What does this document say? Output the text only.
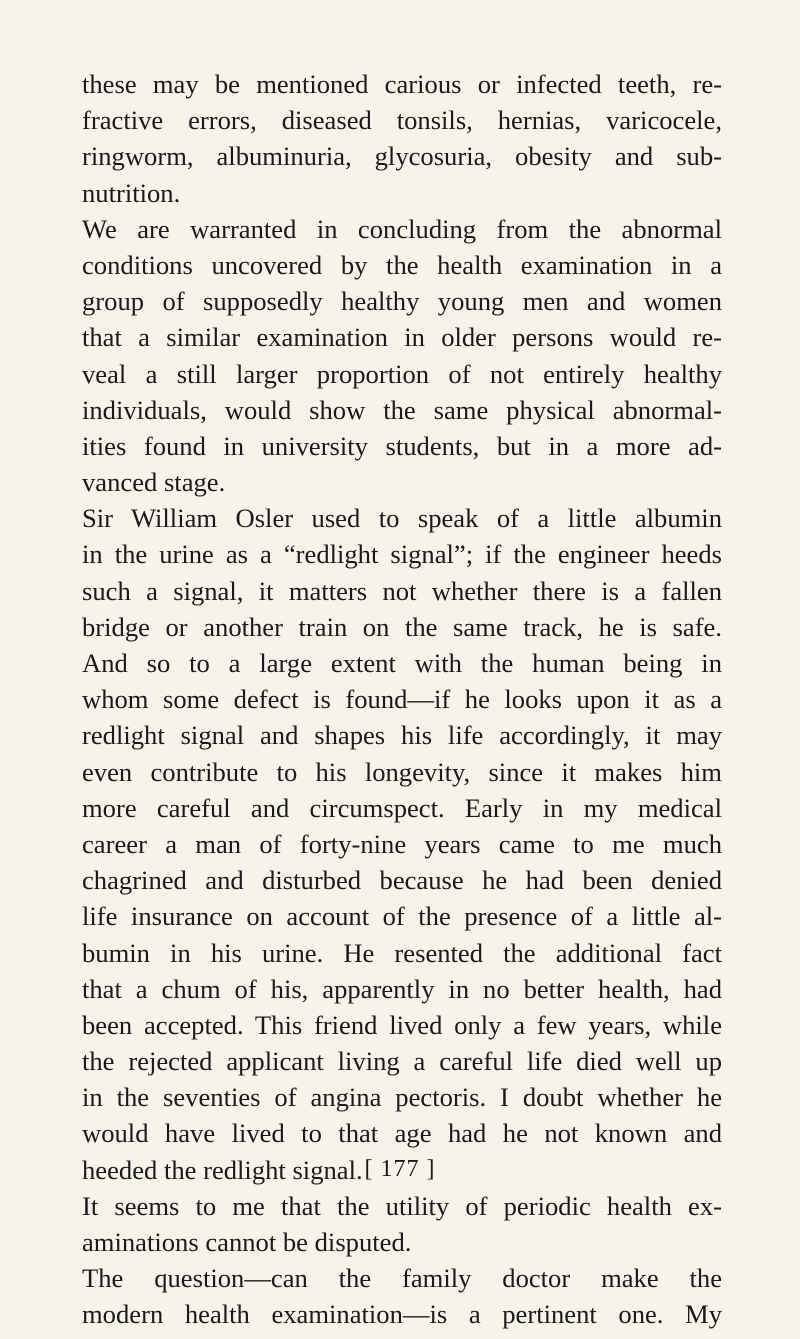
these may be mentioned carious or infected teeth, re-
fractive errors, diseased tonsils, hernias, varicocele,
ringworm, albuminuria, glycosuria, obesity and sub-
nutrition.
We are warranted in concluding from the abnormal
conditions uncovered by the health examination in a
group of supposedly healthy young men and women
that a similar examination in older persons would re-
veal a still larger proportion of not entirely healthy
individuals, would show the same physical abnormal-
ities found in university students, but in a more ad-
vanced stage.
Sir William Osler used to speak of a little albumin
in the urine as a “redlight signal”; if the engineer heeds
such a signal, it matters not whether there is a fallen
bridge or another train on the same track, he is safe.
And so to a large extent with the human being in
whom some defect is found—if he looks upon it as a
redlight signal and shapes his life accordingly, it may
even contribute to his longevity, since it makes him
more careful and circumspect. Early in my medical
career a man of forty-nine years came to me much
chagrined and disturbed because he had been denied
life insurance on account of the presence of a little al-
bumin in his urine. He resented the additional fact
that a chum of his, apparently in no better health, had
been accepted. This friend lived only a few years, while
the rejected applicant living a careful life died well up
in the seventies of angina pectoris. I doubt whether he
would have lived to that age had he not known and
heeded the redlight signal.
It seems to me that the utility of periodic health ex-
aminations cannot be disputed.
The question—can the family doctor make the
modern health examination—is a pertinent one. My
[ 177 ]
